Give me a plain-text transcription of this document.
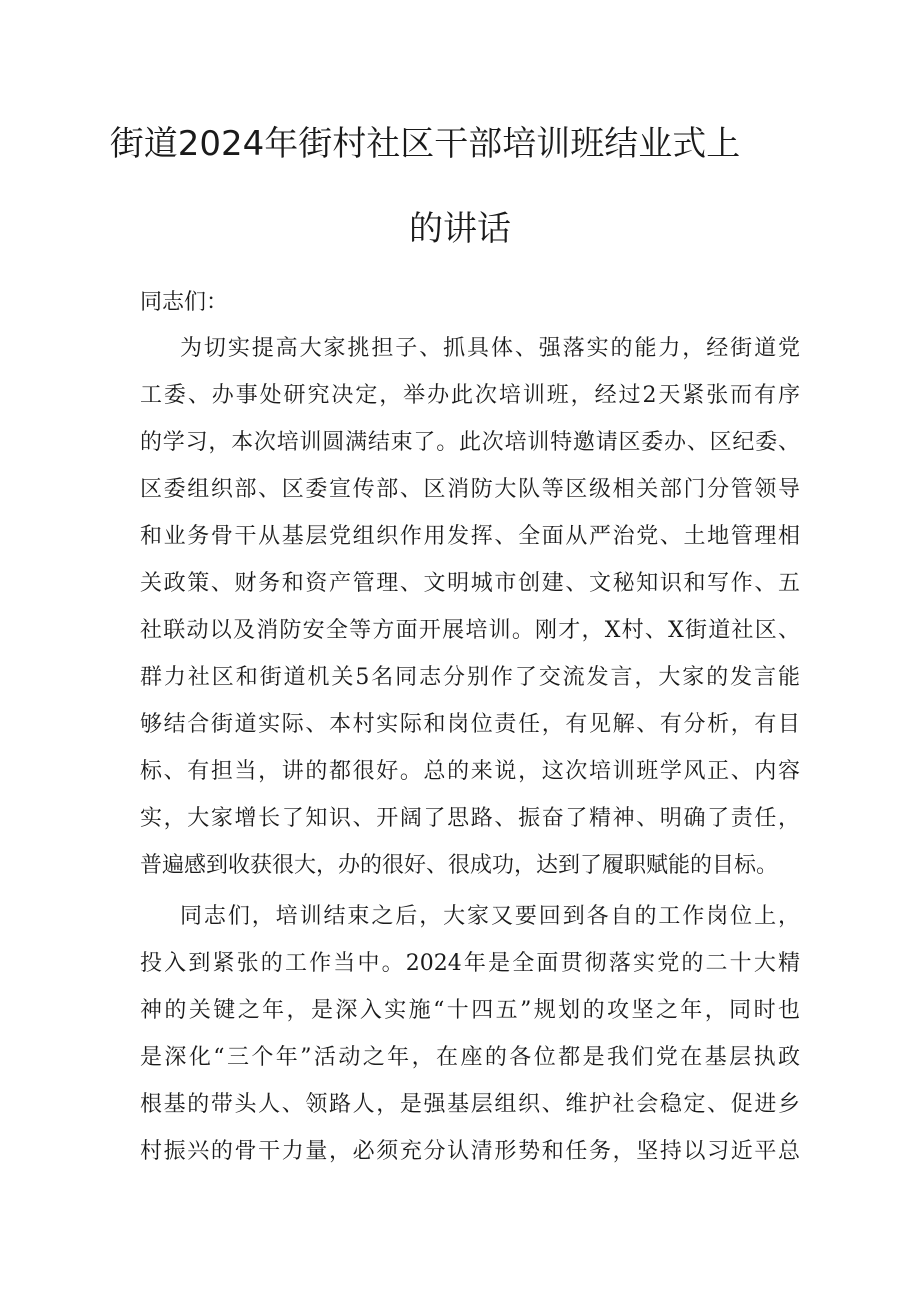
街道2024年街村社区干部培训班结业式上
的讲话
同志们：
为切实提高大家挑担子、抓具体、强落实的能力，经街道党
工委、办事处研究决定，举办此次培训班，经过2天紧张而有序
的学习，本次培训圆满结束了。此次培训特邀请区委办、区纪委、
区委组织部、区委宣传部、区消防大队等区级相关部门分管领导
和业务骨干从基层党组织作用发挥、全面从严治党、土地管理相
关政策、财务和资产管理、文明城市创建、文秘知识和写作、五
社联动以及消防安全等方面开展培训。刚才，X村、X街道社区、
群力社区和街道机关5名同志分别作了交流发言，大家的发言能
够结合街道实际、本村实际和岗位责任，有见解、有分析，有目
标、有担当，讲的都很好。总的来说，这次培训班学风正、内容
实，大家增长了知识、开阔了思路、振奋了精神、明确了责任，
普遍感到收获很大，办的很好、很成功，达到了履职赋能的目标。
同志们，培训结束之后，大家又要回到各自的工作岗位上，
投入到紧张的工作当中。2024年是全面贯彻落实党的二十大精
神的关键之年，是深入实施“十四五”规划的攻坚之年，同时也
是深化“三个年”活动之年，在座的各位都是我们党在基层执政
根基的带头人、领路人，是强基层组织、维护社会稳定、促进乡
村振兴的骨干力量，必须充分认清形势和任务，坚持以习近平总
